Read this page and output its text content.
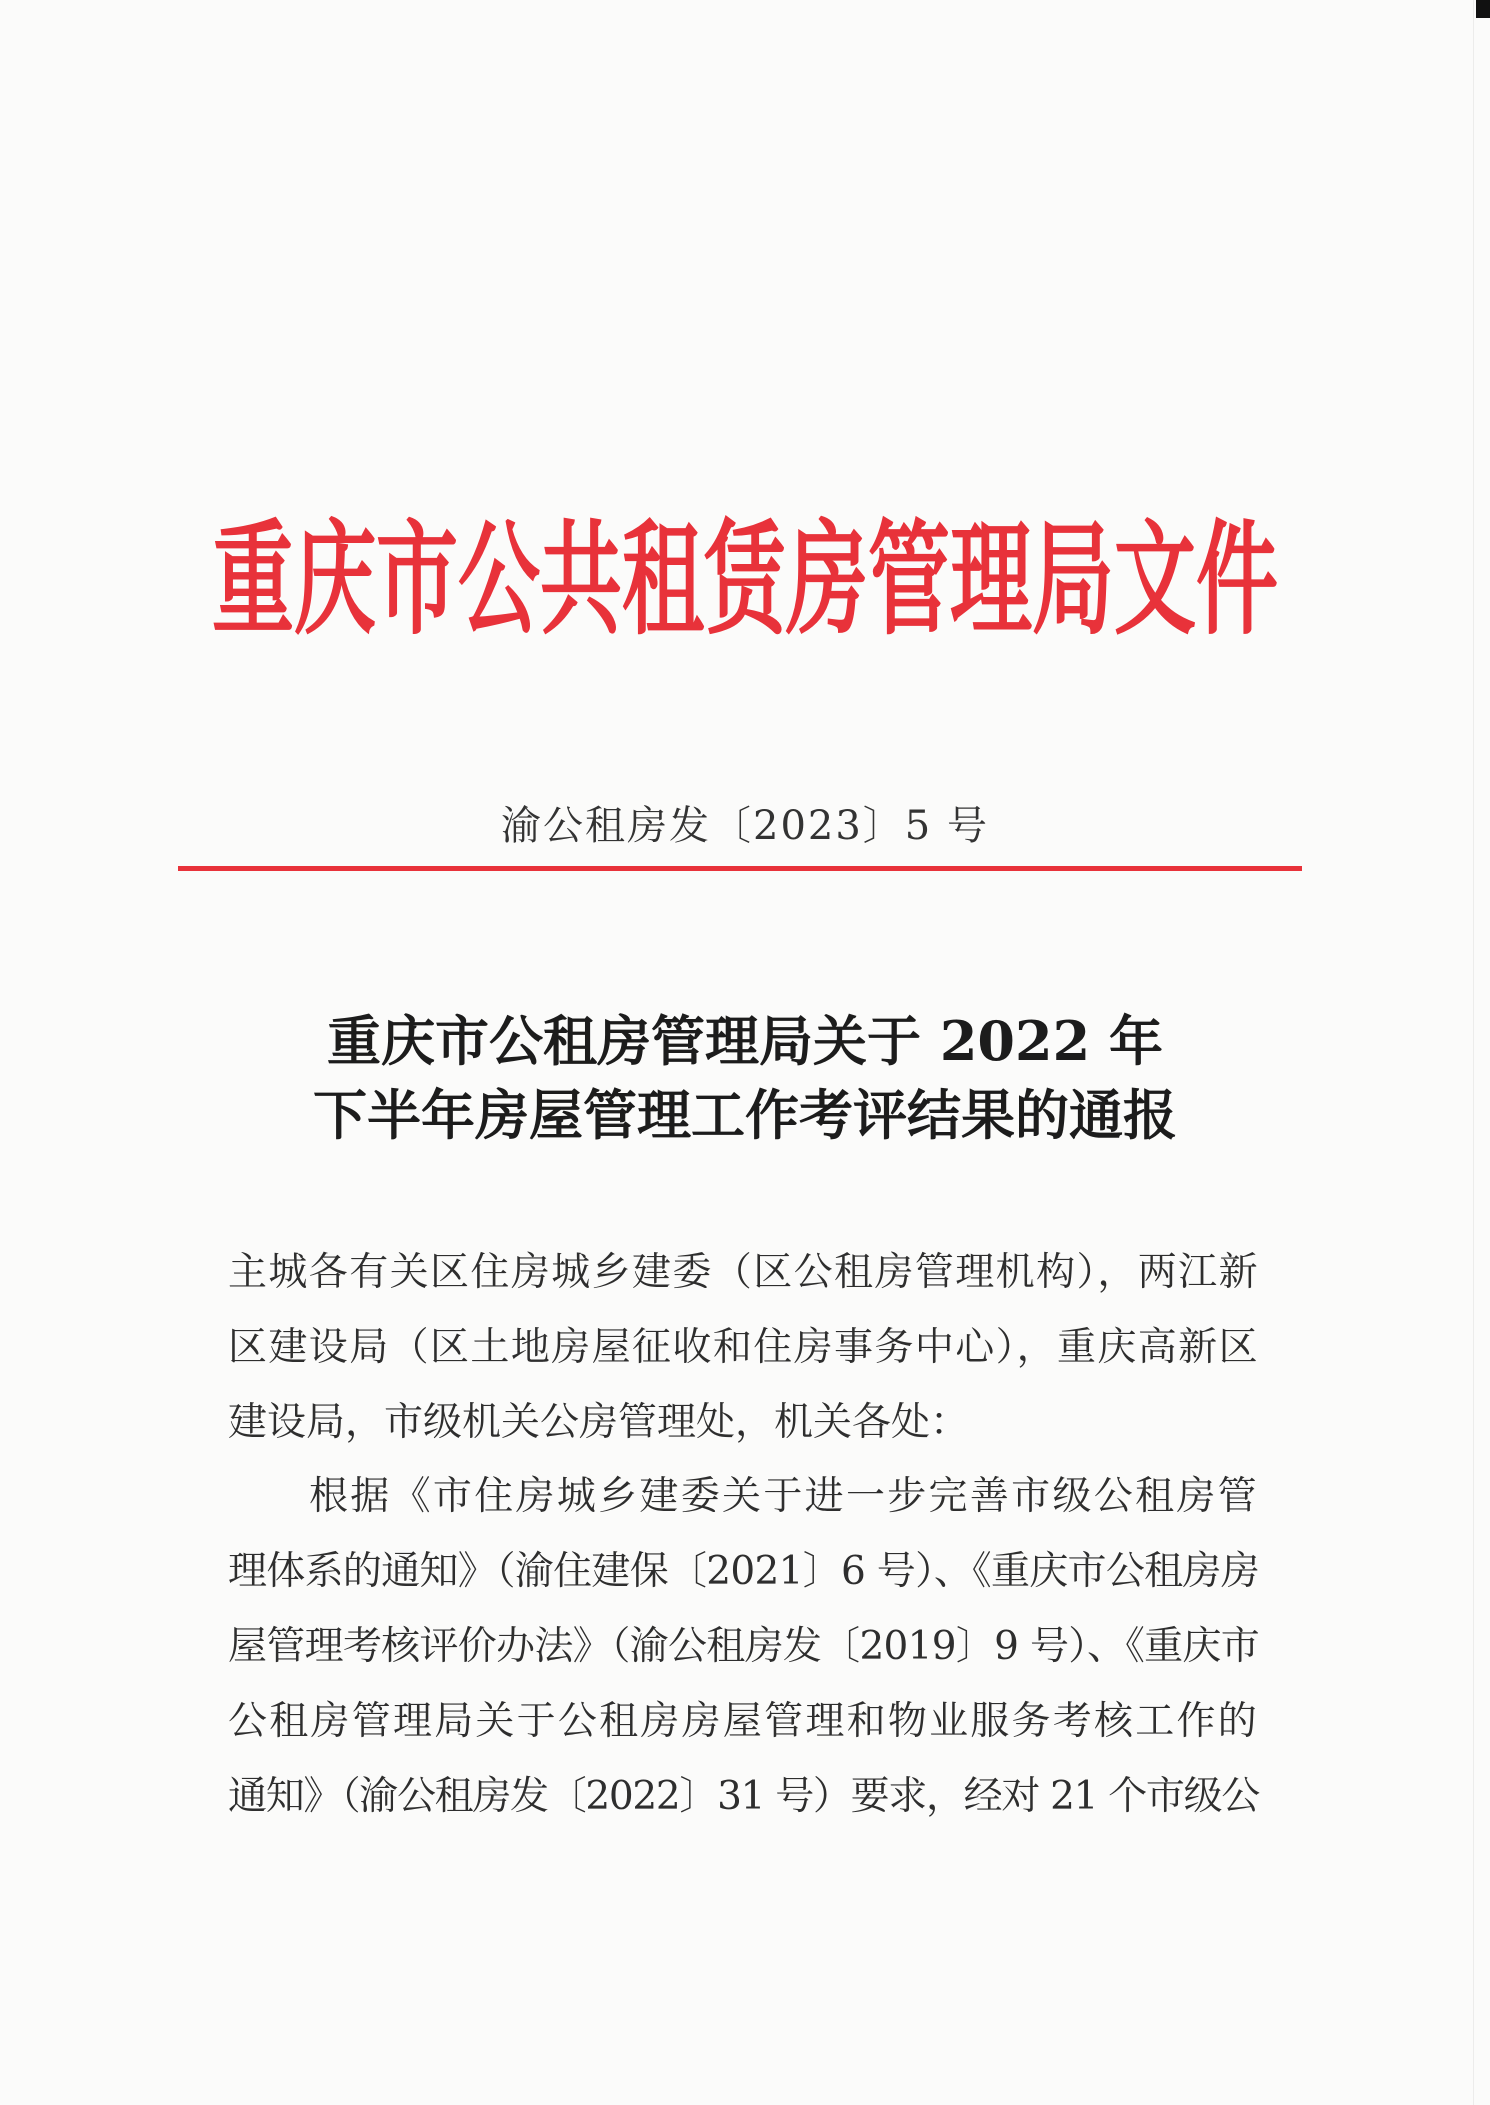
重庆市公共租赁房管理局文件
渝公租房发〔2023〕5 号
重庆市公租房管理局关于 2022 年
下半年房屋管理工作考评结果的通报
主城各有关区住房城乡建委（区公租房管理机构），两江新
区建设局（区土地房屋征收和住房事务中心），重庆高新区
建设局，市级机关公房管理处，机关各处：
根据《市住房城乡建委关于进一步完善市级公租房管
理体系的通知》（渝住建保〔2021〕6 号）、《重庆市公租房房
屋管理考核评价办法》（渝公租房发〔2019〕9 号）、《重庆市
公租房管理局关于公租房房屋管理和物业服务考核工作的
通知》（渝公租房发〔2022〕31 号）要求，经对 21 个市级公
